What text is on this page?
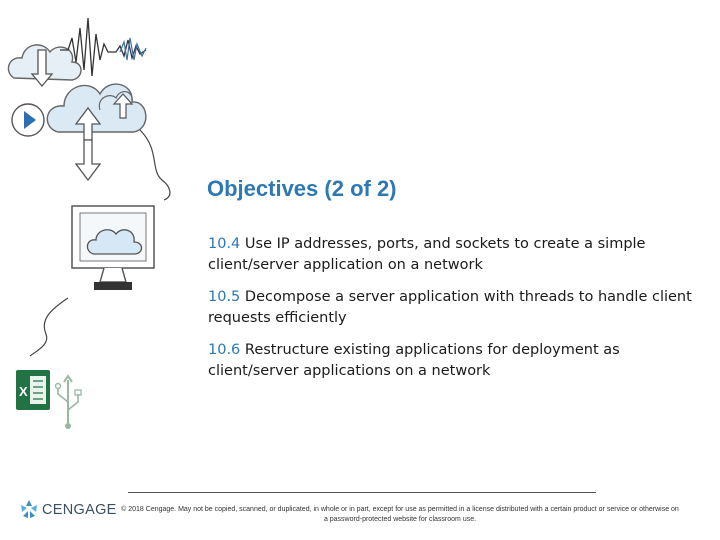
X
Objectives (2 of 2)
10.4 Use IP addresses, ports, and sockets to create a simple client/server application on a network
10.5 Decompose a server application with threads to handle client requests efficiently
10.6 Restructure existing applications for deployment as client/server applications on a network
CENGAGE © 2018 Cengage. May not be copied, scanned, or duplicated, in whole or in part, except for use as permitted in a license distributed with a certain product or service or otherwise on a password-protected website for classroom use.
